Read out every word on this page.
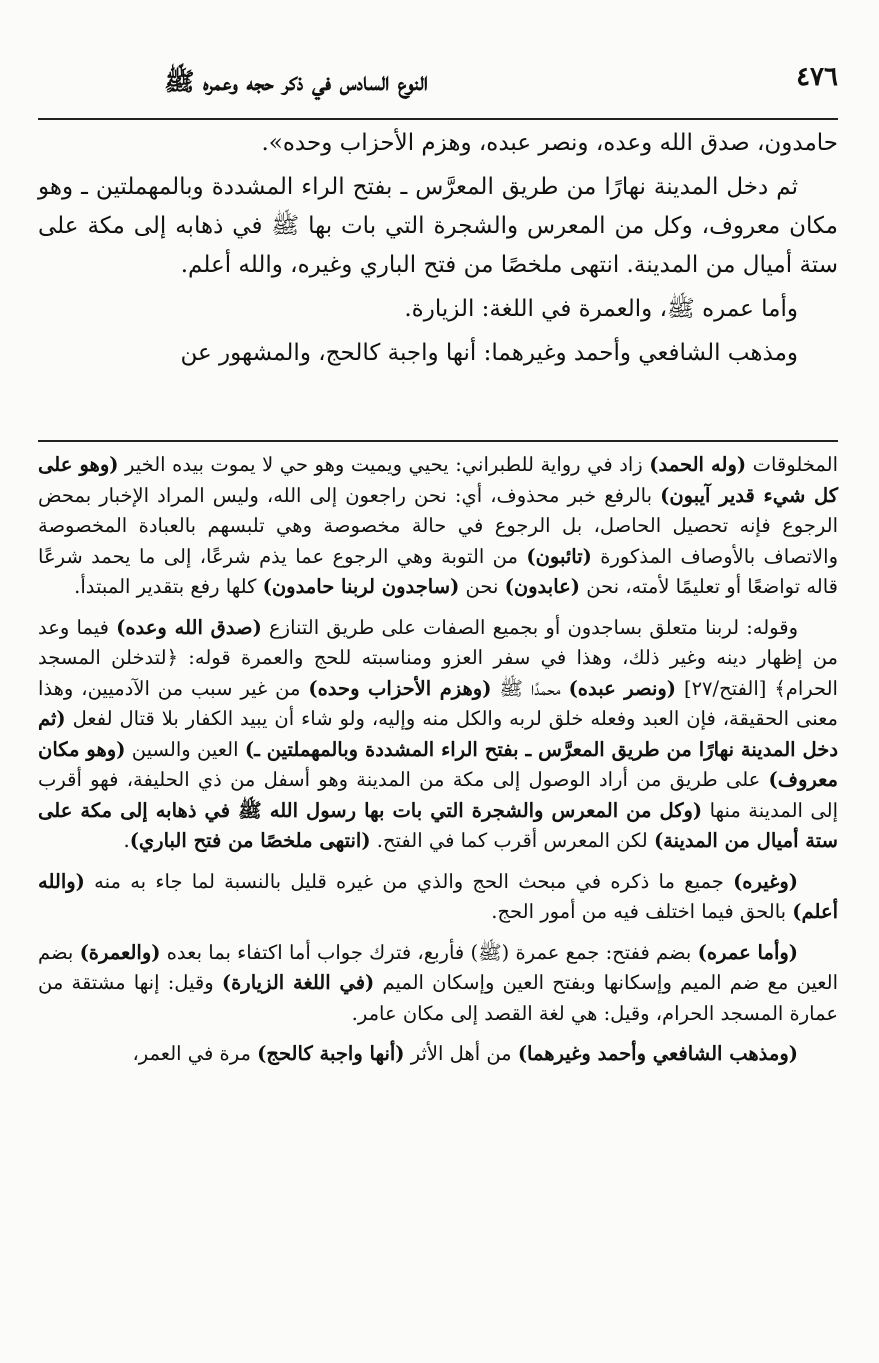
٤٧٦
النوع السادس في ذكر حجه وعمره ﷺ

حامدون، صدق الله وعده، ونصر عبده، وهزم الأحزاب وحده».

ثم دخل المدينة نهارًا من طريق المعرَّس ـ بفتح الراء المشددة وبالمهملتين ـ وهو مكان معروف، وكل من المعرس والشجرة التي بات بها ﷺ في ذهابه إلى مكة على ستة أميال من المدينة. انتهى ملخصًا من فتح الباري وغيره، والله أعلم.

وأما عمره ﷺ، والعمرة في اللغة: الزيارة.

ومذهب الشافعي وأحمد وغيرهما: أنها واجبة كالحج، والمشهور عن

المخلوقات (وله الحمد) زاد في رواية للطبراني: يحيي ويميت وهو حي لا يموت بيده الخير (وهو على كل شيء قدير آيبون) بالرفع خبر محذوف، أي: نحن راجعون إلى الله، وليس المراد الإخبار بمحض الرجوع فإنه تحصيل الحاصل، بل الرجوع في حالة مخصوصة وهي تلبسهم بالعبادة المخصوصة والاتصاف بالأوصاف المذكورة (تائبون) من التوبة وهي الرجوع عما يذم شرعًا، إلى ما يحمد شرعًا قاله تواضعًا أو تعليمًا لأمته، نحن (عابدون) نحن (ساجدون لربنا حامدون) كلها رفع بتقدير المبتدأ.

وقوله: لربنا متعلق بساجدون أو بجميع الصفات على طريق التنازع (صدق الله وعده) فيما وعد من إظهار دينه وغير ذلك، وهذا في سفر العزو ومناسبته للحج والعمرة قوله: ﴿لتدخلن المسجد الحرام﴾ [الفتح/٢٧] (ونصر عبده) محمدًا ﷺ (وهزم الأحزاب وحده) من غير سبب من الآدميين، وهذا معنى الحقيقة، فإن العبد وفعله خلق لربه والكل منه وإليه، ولو شاء أن يبيد الكفار بلا قتال لفعل (ثم دخل المدينة نهارًا من طريق المعرَّس ـ بفتح الراء المشددة وبالمهملتين ـ) العين والسين (وهو مكان معروف) على طريق من أراد الوصول إلى مكة من المدينة وهو أسفل من ذي الحليفة، فهو أقرب إلى المدينة منها (وكل من المعرس والشجرة التي بات بها رسول الله ﷺ في ذهابه إلى مكة على ستة أميال من المدينة) لكن المعرس أقرب كما في الفتح. (انتهى ملخصًا من فتح الباري).

(وغيره) جميع ما ذكره في مبحث الحج والذي من غيره قليل بالنسبة لما جاء به منه (والله أعلم) بالحق فيما اختلف فيه من أمور الحج.

(وأما عمره) بضم ففتح: جمع عمرة (ﷺ) فأربع، فترك جواب أما اكتفاء بما بعده (والعمرة) بضم العين مع ضم الميم وإسكانها وبفتح العين وإسكان الميم (في اللغة الزيارة) وقيل: إنها مشتقة من عمارة المسجد الحرام، وقيل: هي لغة القصد إلى مكان عامر.

(ومذهب الشافعي وأحمد وغيرهما) من أهل الأثر (أنها واجبة كالحج) مرة في العمر،
